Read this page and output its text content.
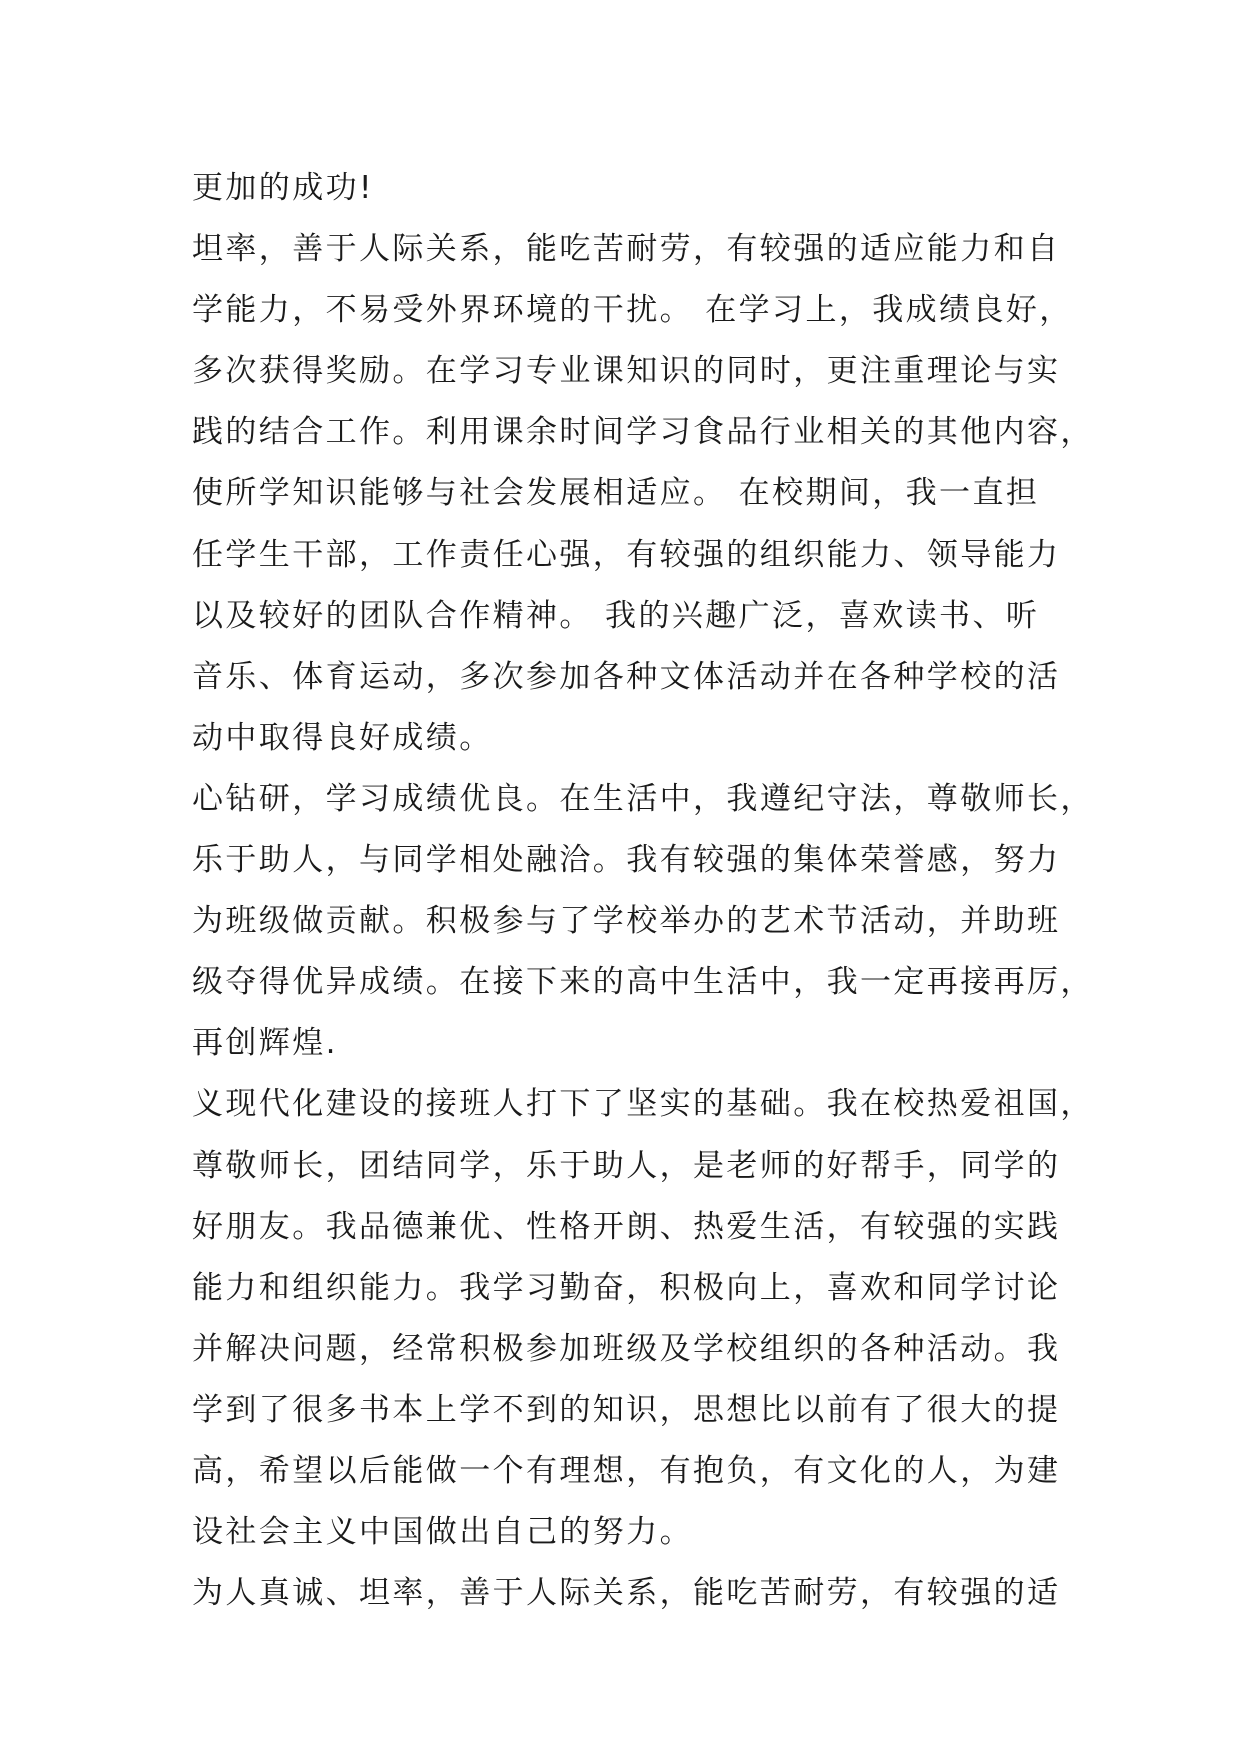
更加的成功!

坦率，善于人际关系，能吃苦耐劳，有较强的适应能力和自
学能力，不易受外界环境的干扰。 在学习上，我成绩良好，
多次获得奖励。在学习专业课知识的同时，更注重理论与实
践的结合工作。利用课余时间学习食品行业相关的其他内容，
使所学知识能够与社会发展相适应。 在校期间，我一直担
任学生干部，工作责任心强，有较强的组织能力、领导能力
以及较好的团队合作精神。 我的兴趣广泛，喜欢读书、听
音乐、体育运动，多次参加各种文体活动并在各种学校的活
动中取得良好成绩。

心钻研，学习成绩优良。在生活中，我遵纪守法，尊敬师长，
乐于助人，与同学相处融洽。我有较强的集体荣誉感，努力
为班级做贡献。积极参与了学校举办的艺术节活动，并助班
级夺得优异成绩。在接下来的高中生活中，我一定再接再厉，
再创辉煌.

义现代化建设的接班人打下了坚实的基础。我在校热爱祖国，
尊敬师长，团结同学，乐于助人，是老师的好帮手，同学的
好朋友。我品德兼优、性格开朗、热爱生活，有较强的实践
能力和组织能力。我学习勤奋，积极向上，喜欢和同学讨论
并解决问题，经常积极参加班级及学校组织的各种活动。我
学到了很多书本上学不到的知识，思想比以前有了很大的提
高，希望以后能做一个有理想，有抱负，有文化的人，为建
设社会主义中国做出自己的努力。

为人真诚、坦率，善于人际关系，能吃苦耐劳，有较强的适
